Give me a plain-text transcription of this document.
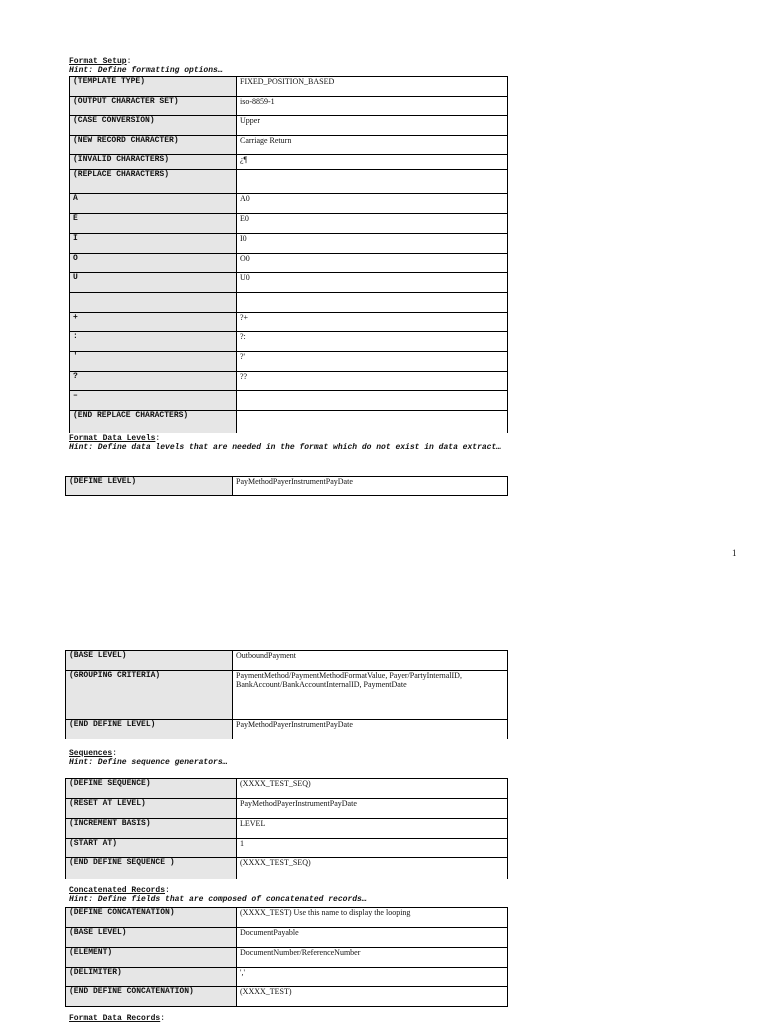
Format Setup:
Hint: Define formatting options…
(TEMPLATE TYPE)	FIXED_POSITION_BASED
(OUTPUT CHARACTER SET)	iso-8859-1
(CASE CONVERSION)	Upper
(NEW RECORD CHARACTER)	Carriage Return
(INVALID CHARACTERS)	¿¶
(REPLACE CHARACTERS)	
Á	A0
É	E0
Í	I0
Ó	O0
Ú	U0

+	?+
:	?:
'	?'
?	??
–	
(END REPLACE CHARACTERS)	
Format Data Levels:
Hint: Define data levels that are needed in the format which do not exist in data extract…
(DEFINE LEVEL)	PayMethodPayerInstrumentPayDate
1
(BASE LEVEL)	OutboundPayment
(GROUPING CRITERIA)	PaymentMethod/PaymentMethodFormatValue, Payer/PartyInternalID, BankAccount/BankAccountInternalID, PaymentDate
(END DEFINE LEVEL)	PayMethodPayerInstrumentPayDate
Sequences:
Hint: Define sequence generators…
(DEFINE SEQUENCE)	(XXXX_TEST_SEQ)
(RESET AT LEVEL)	PayMethodPayerInstrumentPayDate
(INCREMENT BASIS)	LEVEL
(START AT)	1
(END DEFINE SEQUENCE )	(XXXX_TEST_SEQ)
Concatenated Records:
Hint: Define fields that are composed of concatenated records…
(DEFINE CONCATENATION)	(XXXX_TEST) Use this name to display the looping
(BASE LEVEL)	DocumentPayable
(ELEMENT)	DocumentNumber/ReferenceNumber
(DELIMITER)	','
(END DEFINE CONCATENATION)	(XXXX_TEST)
Format Data Records:
